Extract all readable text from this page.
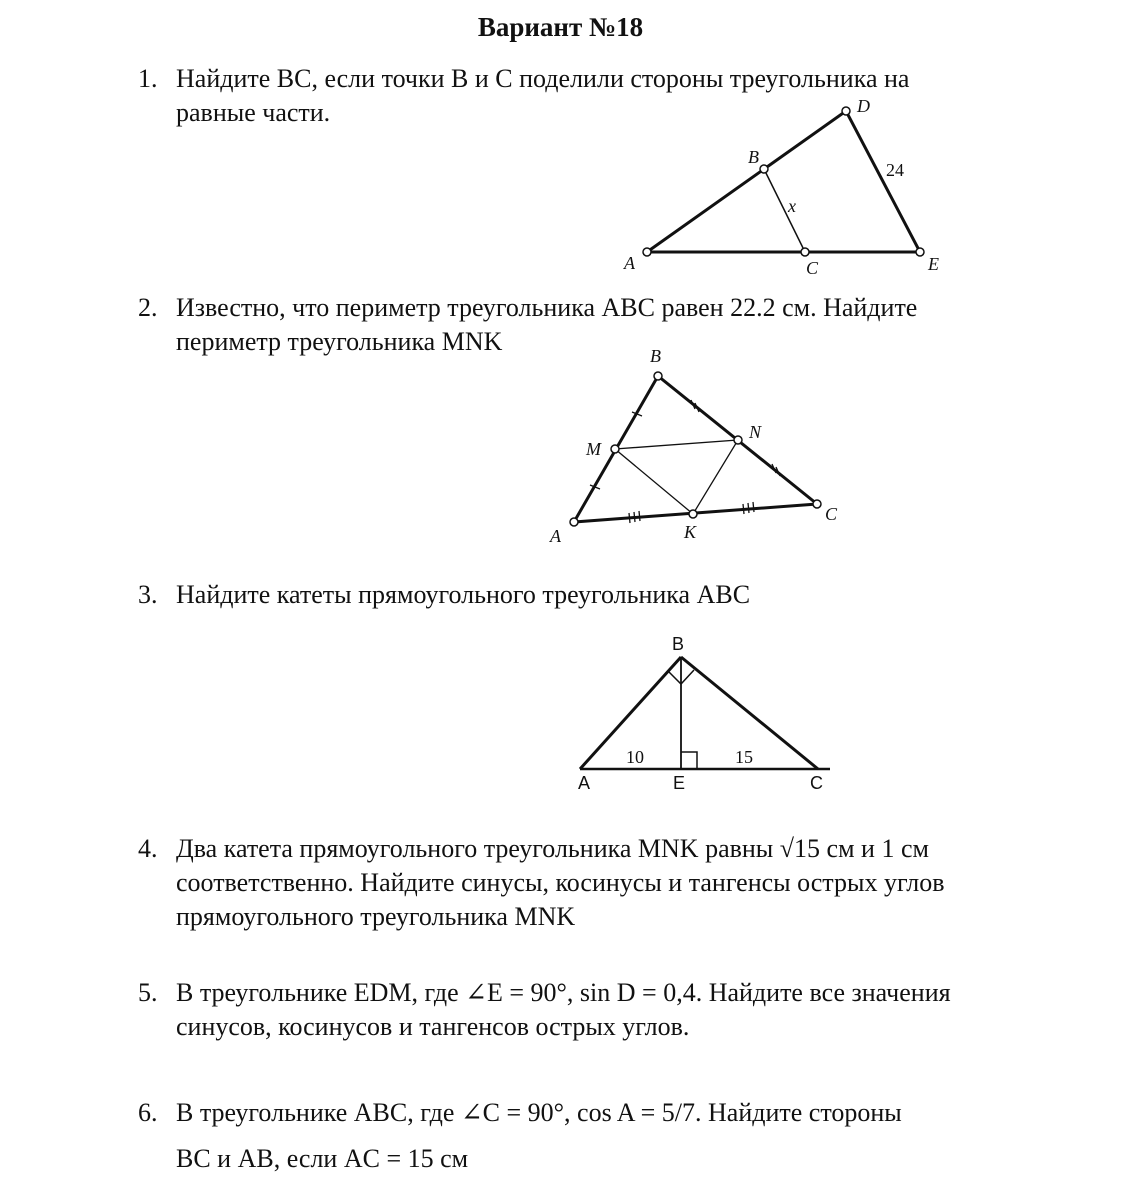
Вариант №18
1. Найдите BC, если точки B и C поделили стороны треугольника на
равные части.
A
B
C
D
E
24
x
2. Известно, что периметр треугольника ABC равен 22.2 см. Найдите
периметр треугольника MNK
A
B
C
M
N
K
3. Найдите катеты прямоугольного треугольника ABC
B
A	E	C
10	15
4. Два катета прямоугольного треугольника MNK равны √15 см и 1 см
соответственно. Найдите синусы, косинусы и тангенсы острых углов
прямоугольного треугольника MNK
5. В треугольнике EDM, где ∠E = 90°, sin D = 0,4. Найдите все значения
синусов, косинусов и тангенсов острых углов.
6. В треугольнике ABC, где ∠C = 90°, cos A = 5/7. Найдите стороны
BC и AB, если AC = 15 см
